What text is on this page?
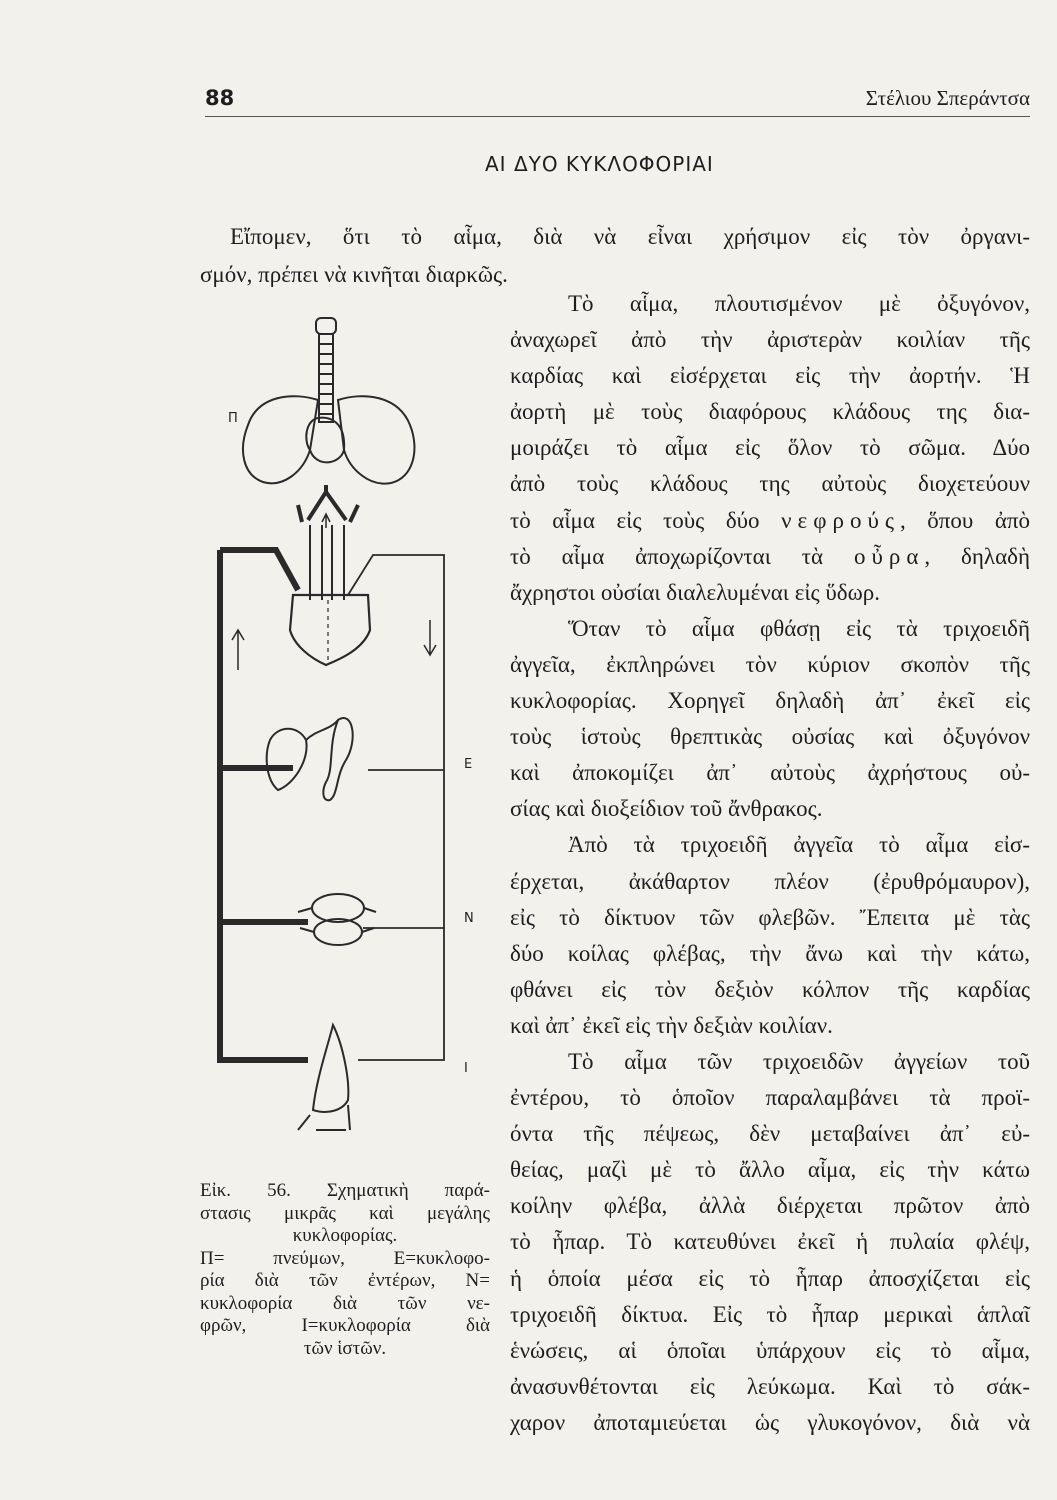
88	Στέλιου Σπεράντσα
ΑΙ ΔΥΟ ΚΥΚΛΟΦΟΡΙΑΙ
Εἴπομεν, ὅτι τὸ αἷμα, διὰ νὰ εἶναι χρήσιμον εἰς τὸν ὀργανι-
σμόν, πρέπει νὰ κινῆται διαρκῶς.
Τὸ αἷμα, πλουτισμένον μὲ ὀξυγόνον,
ἀναχωρεῖ ἀπὸ τὴν ἀριστερὰν κοιλίαν τῆς
καρδίας καὶ εἰσέρχεται εἰς τὴν ἀορτήν. Ἡ
ἀορτὴ μὲ τοὺς διαφόρους κλάδους της δια-
μοιράζει τὸ αἷμα εἰς ὅλον τὸ σῶμα. Δύο
ἀπὸ τοὺς κλάδους της αὐτοὺς διοχετεύουν
τὸ αἷμα εἰς τοὺς δύο νεφρούς, ὅπου ἀπὸ
τὸ αἷμα ἀποχωρίζονται τὰ οὖρα, δηλαδὴ
ἄχρηστοι οὐσίαι διαλελυμέναι εἰς ὕδωρ.
Ὅταν τὸ αἷμα φθάσῃ εἰς τὰ τριχοειδῆ
ἀγγεῖα, ἐκπληρώνει τὸν κύριον σκοπὸν τῆς
κυκλοφορίας. Χορηγεῖ δηλαδὴ ἀπ᾽ ἐκεῖ εἰς
τοὺς ἱστοὺς θρεπτικὰς οὐσίας καὶ ὀξυγόνον
καὶ ἀποκομίζει ἀπ᾽ αὐτοὺς ἀχρήστους οὐ-
σίας καὶ διοξείδιον τοῦ ἄνθρακος.
Ἀπὸ τὰ τριχοειδῆ ἀγγεῖα τὸ αἷμα εἰσ-
έρχεται, ἀκάθαρτον πλέον (ἐρυθρόμαυρον),
εἰς τὸ δίκτυον τῶν φλεβῶν. Ἔπειτα μὲ τὰς
δύο κοίλας φλέβας, τὴν ἄνω καὶ τὴν κάτω,
φθάνει εἰς τὸν δεξιὸν κόλπον τῆς καρδίας
καὶ ἀπ᾽ ἐκεῖ εἰς τὴν δεξιὰν κοιλίαν.
Τὸ αἷμα τῶν τριχοειδῶν ἀγγείων τοῦ
ἐντέρου, τὸ ὁποῖον παραλαμβάνει τὰ προϊ-
όντα τῆς πέψεως, δὲν μεταβαίνει ἀπ᾽ εὐ-
θείας, μαζὶ μὲ τὸ ἄλλο αἷμα, εἰς τὴν κάτω
κοίλην φλέβα, ἀλλὰ διέρχεται πρῶτον ἀπὸ
τὸ ἧπαρ. Τὸ κατευθύνει ἐκεῖ ἡ πυλαία φλέψ,
ἡ ὁποία μέσα εἰς τὸ ἧπαρ ἀποσχίζεται εἰς
τριχοειδῆ δίκτυα. Εἰς τὸ ἧπαρ μερικαὶ ἁπλαῖ
ἑνώσεις, αἱ ὁποῖαι ὑπάρχουν εἰς τὸ αἷμα,
ἀνασυνθέτονται εἰς λεύκωμα. Καὶ τὸ σάκ-
χαρον ἀποταμιεύεται ὡς γλυκογόνον, διὰ νὰ
Π
Ε
Ν
Ι
Εἰκ. 56. Σχηματικὴ παρά-
στασις μικρᾶς καὶ μεγάλης
κυκλοφορίας.
Π= πνεύμων, Ε=κυκλοφο-
ρία διὰ τῶν ἐντέρων, Ν=
κυκλοφορία διὰ τῶν νε-
φρῶν, Ι=κυκλοφορία διὰ
τῶν ἱστῶν.
